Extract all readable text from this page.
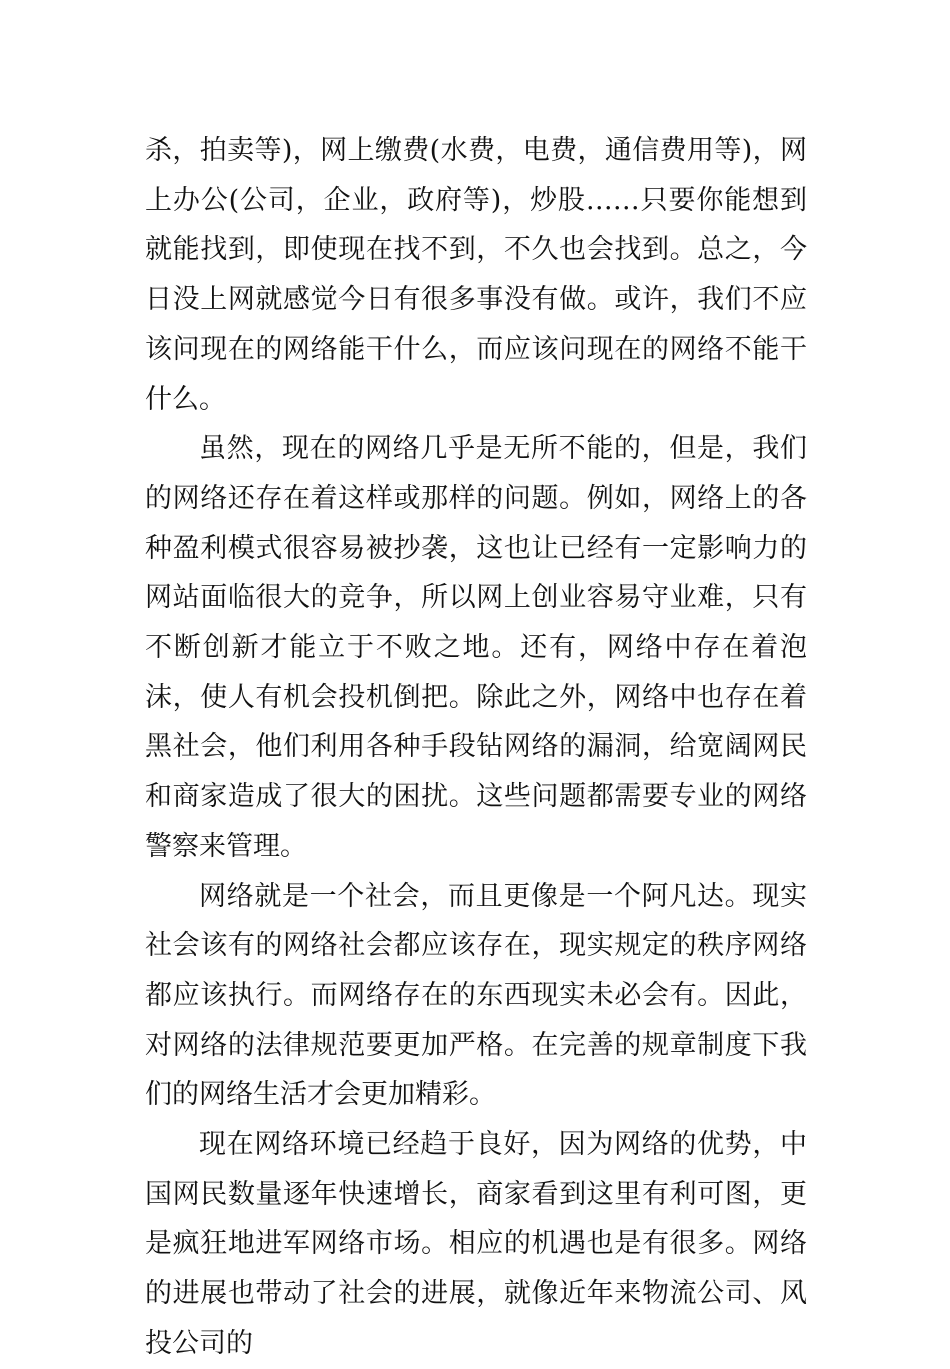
杀，拍卖等)，网上缴费(水费，电费，通信费用等)，网上办公(公司，企业，政府等)，炒股……只要你能想到就能找到，即使现在找不到，不久也会找到。总之，今日没上网就感觉今日有很多事没有做。或许，我们不应该问现在的网络能干什么，而应该问现在的网络不能干什么。

虽然，现在的网络几乎是无所不能的，但是，我们的网络还存在着这样或那样的问题。例如，网络上的各种盈利模式很容易被抄袭，这也让已经有一定影响力的网站面临很大的竞争，所以网上创业容易守业难，只有不断创新才能立于不败之地。还有，网络中存在着泡沫，使人有机会投机倒把。除此之外，网络中也存在着黑社会，他们利用各种手段钻网络的漏洞，给宽阔网民和商家造成了很大的困扰。这些问题都需要专业的网络警察来管理。

网络就是一个社会，而且更像是一个阿凡达。现实社会该有的网络社会都应该存在，现实规定的秩序网络都应该执行。而网络存在的东西现实未必会有。因此，对网络的法律规范要更加严格。在完善的规章制度下我们的网络生活才会更加精彩。

现在网络环境已经趋于良好，因为网络的优势，中国网民数量逐年快速增长，商家看到这里有利可图，更是疯狂地进军网络市场。相应的机遇也是有很多。网络的进展也带动了社会的进展，就像近年来物流公司、风投公司的
